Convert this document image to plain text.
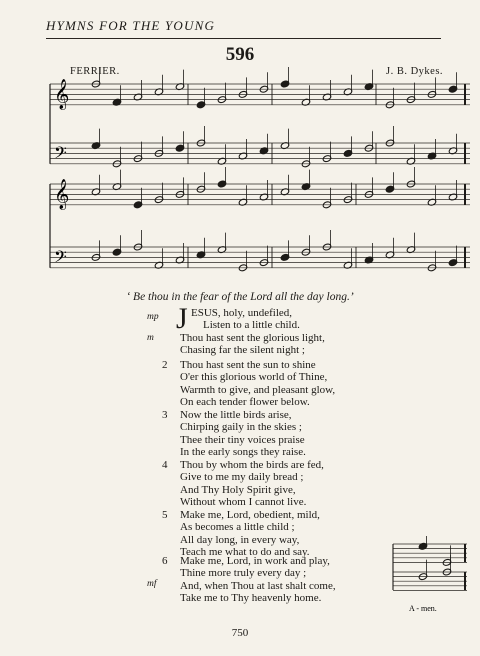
HYMNS FOR THE YOUNG
596
FERRIER.	J. B. Dykes.
𝄞
𝄢
𝄞
𝄢
‘ Be thou in the fear of the Lord all the day long.’
mp
m
mf
J ESUS, holy, undefiled,
Listen to a little child.
Thou hast sent the glorious light,
Chasing far the silent night ;
2 Thou hast sent the sun to shine
O'er this glorious world of Thine,
Warmth to give, and pleasant glow,
On each tender flower below.
3 Now the little birds arise,
Chirping gaily in the skies ;
Thee their tiny voices praise
In the early songs they raise.
4 Thou by whom the birds are fed,
Give to me my daily bread ;
And Thy Holy Spirit give,
Without whom I cannot live.
5 Make me, Lord, obedient, mild,
As becomes a little child ;
All day long, in every way,
Teach me what to do and say.
6 Make me, Lord, in work and play,
Thine more truly every day ;
And, when Thou at last shalt come,
Take me to Thy heavenly home.
A - men.
750
